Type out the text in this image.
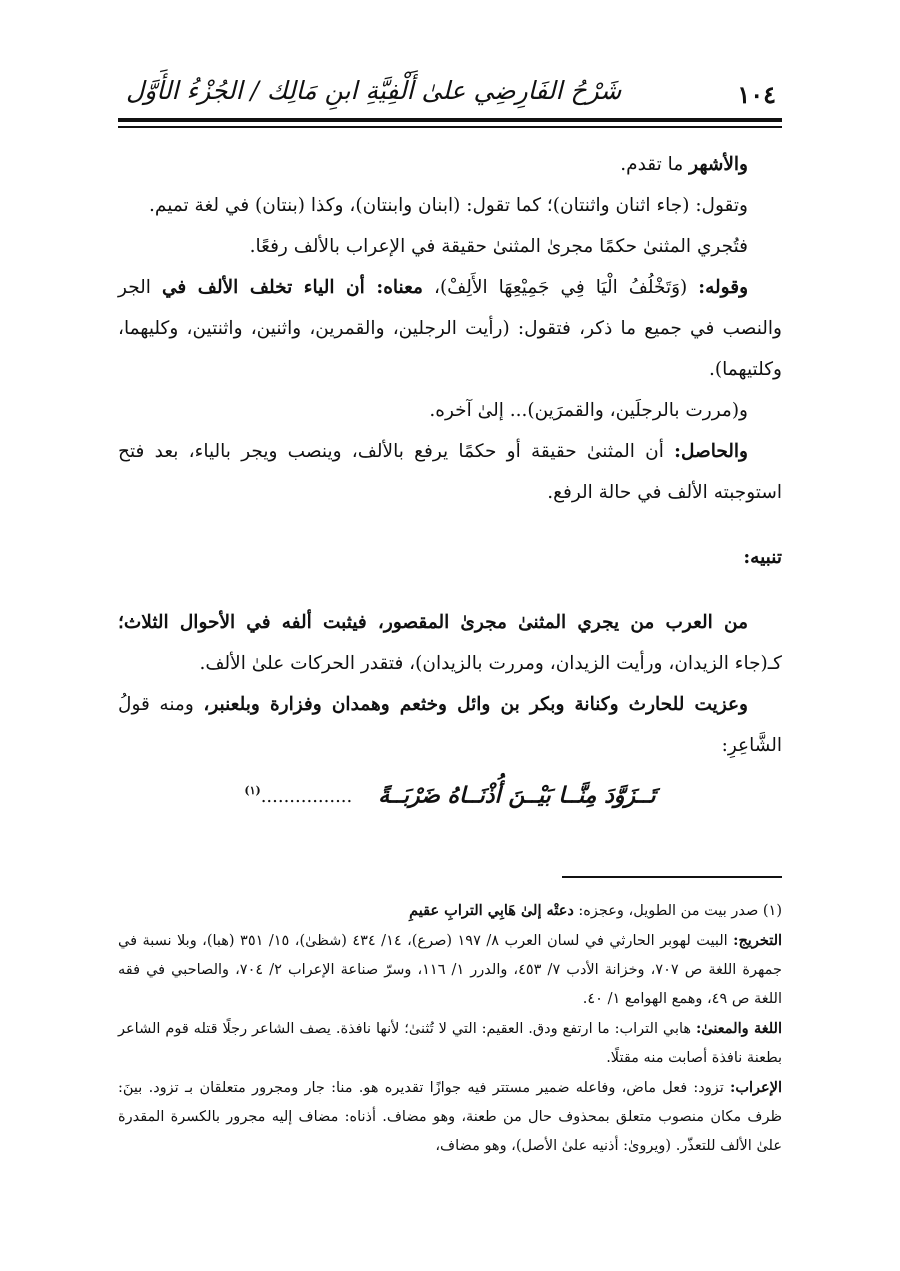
١٠٤
شَرْحُ الفَارِضِي علىٰ أَلْفِيَّةِ ابنِ مَالِك / الجُزْءُ الأَوَّل

والأشهر ما تقدم.

وتقول: (جاء اثنان واثنتان)؛ كما تقول: (ابنان وابنتان)، وكذا (بنتان) في لغة تميم.

فتُجري المثنىٰ حكمًا مجرىٰ المثنىٰ حقيقة في الإعراب بالألف رفعًا.

وقوله: (وَتَخْلُفُ الْيَا فِي جَمِيْعِهَا الأَلِفْ)، معناه: أن الياء تخلف الألف في الجر والنصب في جميع ما ذكر، فتقول: (رأيت الرجلين، والقمرين، واثنين، واثنتين، وكليهما، وكلتيهما).

و(مررت بالرجلَين، والقمرَين)... إلىٰ آخره.

والحاصل: أن المثنىٰ حقيقة أو حكمًا يرفع بالألف، وينصب ويجر بالياء، بعد فتح استوجبته الألف في حالة الرفع.

تنبيه:

من العرب من يجري المثنىٰ مجرىٰ المقصور، فيثبت ألفه في الأحوال الثلاث؛ كـ(جاء الزيدان، ورأيت الزيدان، ومررت بالزيدان)، فتقدر الحركات علىٰ الألف.

وعزيت للحارث وكنانة وبكر بن وائل وخثعم وهمدان وفزارة وبلعنبر، ومنه قولُ الشَّاعِرِ:

تَــزَوَّدَ مِنَّــا بَيْــنَ أُذْنَــاهُ ضَرْبَــةً................$^{(١)}$

(١) صدر بيت من الطويل، وعجزه: دعتْه إلىٰ هَابِي الترابِ عقيمِ

التخريج: البيت لهوبر الحارثي في لسان العرب ٨/ ١٩٧ (صرع)، ١٤/ ٤٣٤ (شظیٰ)، ١٥/ ٣٥١ (هبا)، وبلا نسبة في جمهرة اللغة ص ٧٠٧، وخزانة الأدب ٧/ ٤٥٣، والدرر ١/ ١١٦، وسرّ صناعة الإعراب ٢/ ٧٠٤، والصاحبي في فقه اللغة ص ٤٩، وهمع الهوامع ١/ ٤٠.

اللغة والمعنىٰ: هابي التراب: ما ارتفع ودق. العقيم: التي لا تُثنىٰ؛ لأنها نافذة. يصف الشاعر رجلًا قتله قوم الشاعر بطعنة نافذة أصابت منه مقتلًا.

الإعراب: تزود: فعل ماض، وفاعله ضمير مستتر فيه جوازًا تقديره هو. منا: جار ومجرور متعلقان بـ تزود. بينَ: ظرف مكان منصوب متعلق بمحذوف حال من طعنة، وهو مضاف. أذناه: مضاف إليه مجرور بالكسرة المقدرة علىٰ الألف للتعذّر. (ويروىٰ: أذنيه علىٰ الأصل)، وهو مضاف،
